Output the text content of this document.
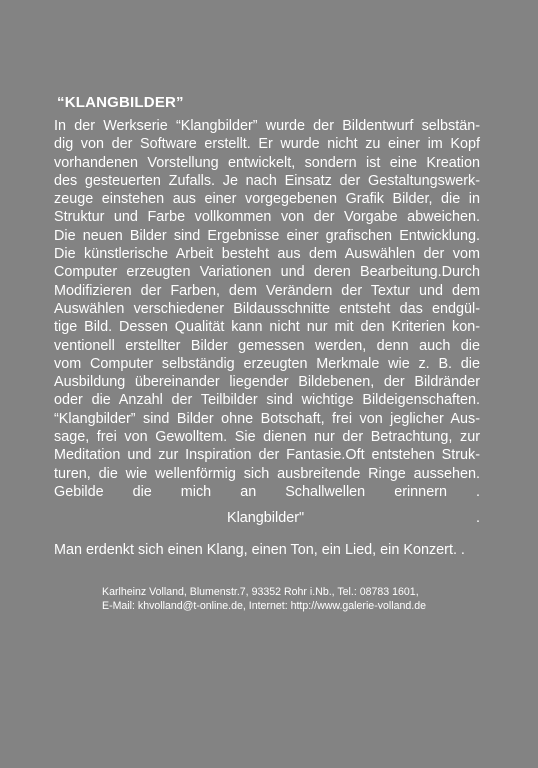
“KLANGBILDER”
In der Werkserie “Klangbilder” wurde der Bildentwurf selbstän-
dig von der Software erstellt. Er wurde nicht zu einer im Kopf
vorhandenen Vorstellung entwickelt, sondern ist eine Kreation
des gesteuerten Zufalls. Je nach Einsatz der Gestaltungswerk-
zeuge einstehen aus einer vorgegebenen Grafik Bilder, die in
Struktur und Farbe vollkommen von der Vorgabe abweichen.
Die neuen Bilder sind Ergebnisse einer grafischen Entwicklung.
Die künstlerische Arbeit besteht aus dem Auswählen der vom
Computer erzeugten Variationen und deren Bearbeitung.Durch
Modifizieren der Farben, dem Verändern der Textur und dem
Auswählen verschiedener Bildausschnitte entsteht das endgül-
tige Bild. Dessen Qualität kann nicht nur mit den Kriterien kon-
ventionell erstellter Bilder gemessen werden, denn auch die
vom Computer selbständig erzeugten Merkmale wie z. B. die
Ausbildung übereinander liegender Bildebenen, der Bildränder
oder die Anzahl der Teilbilder sind wichtige Bildeigenschaften.
“Klangbilder” sind Bilder ohne Botschaft, frei von jeglicher Aus-
sage, frei von Gewolltem. Sie dienen nur der Betrachtung, zur
Meditation und zur Inspiration der Fantasie.Oft entstehen Struk-
turen, die wie wellenförmig sich ausbreitende Ringe aussehen.
Gebilde die mich an Schallwellen erinnern .
Klangbilder"	.
Man erdenkt sich einen Klang, einen Ton, ein Lied, ein Konzert. .
Karlheinz Volland, Blumenstr.7, 93352 Rohr i.Nb., Tel.: 08783 1601,
E-Mail: khvolland@t-online.de, Internet: http://www.galerie-volland.de
